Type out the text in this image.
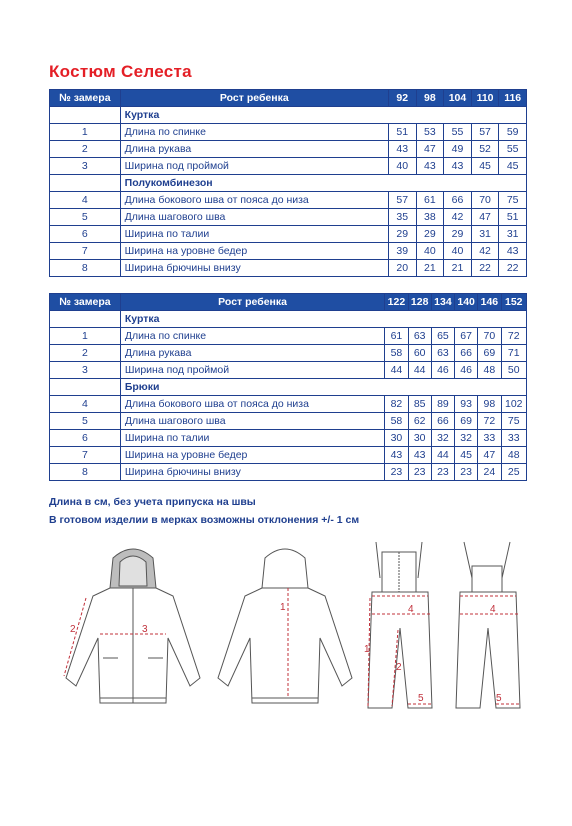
Костюм Селеста
№ замера	Рост ребенка	92	98	104	110	116
	Куртка					
1	Длина по спинке	51	53	55	57	59
2	Длина рукава	43	47	49	52	55
3	Ширина под проймой	40	43	43	45	45
	Полукомбинезон					
4	Длина бокового шва от пояса до низа	57	61	66	70	75
5	Длина шагового шва	35	38	42	47	51
6	Ширина по талии	29	29	29	31	31
7	Ширина на уровне бедер	39	40	40	42	43
8	Ширина брючины внизу	20	21	21	22	22
№ замера	Рост ребенка	122	128	134	140	146	152
	Куртка						
1	Длина по спинке	61	63	65	67	70	72
2	Длина рукава	58	60	63	66	69	71
3	Ширина под проймой	44	44	46	46	48	50
	Брюки						
4	Длина бокового шва от пояса до низа	82	85	89	93	98	102
5	Длина шагового шва	58	62	66	69	72	75
6	Ширина по талии	30	30	32	32	33	33
7	Ширина на уровне бедер	43	43	44	45	47	48
8	Ширина брючины внизу	23	23	23	23	24	25
Длина в см, без учета припуска на швы
В готовом изделии в мерках возможны отклонения +/- 1 см
2	3
1	4
1
2
5
4
5
